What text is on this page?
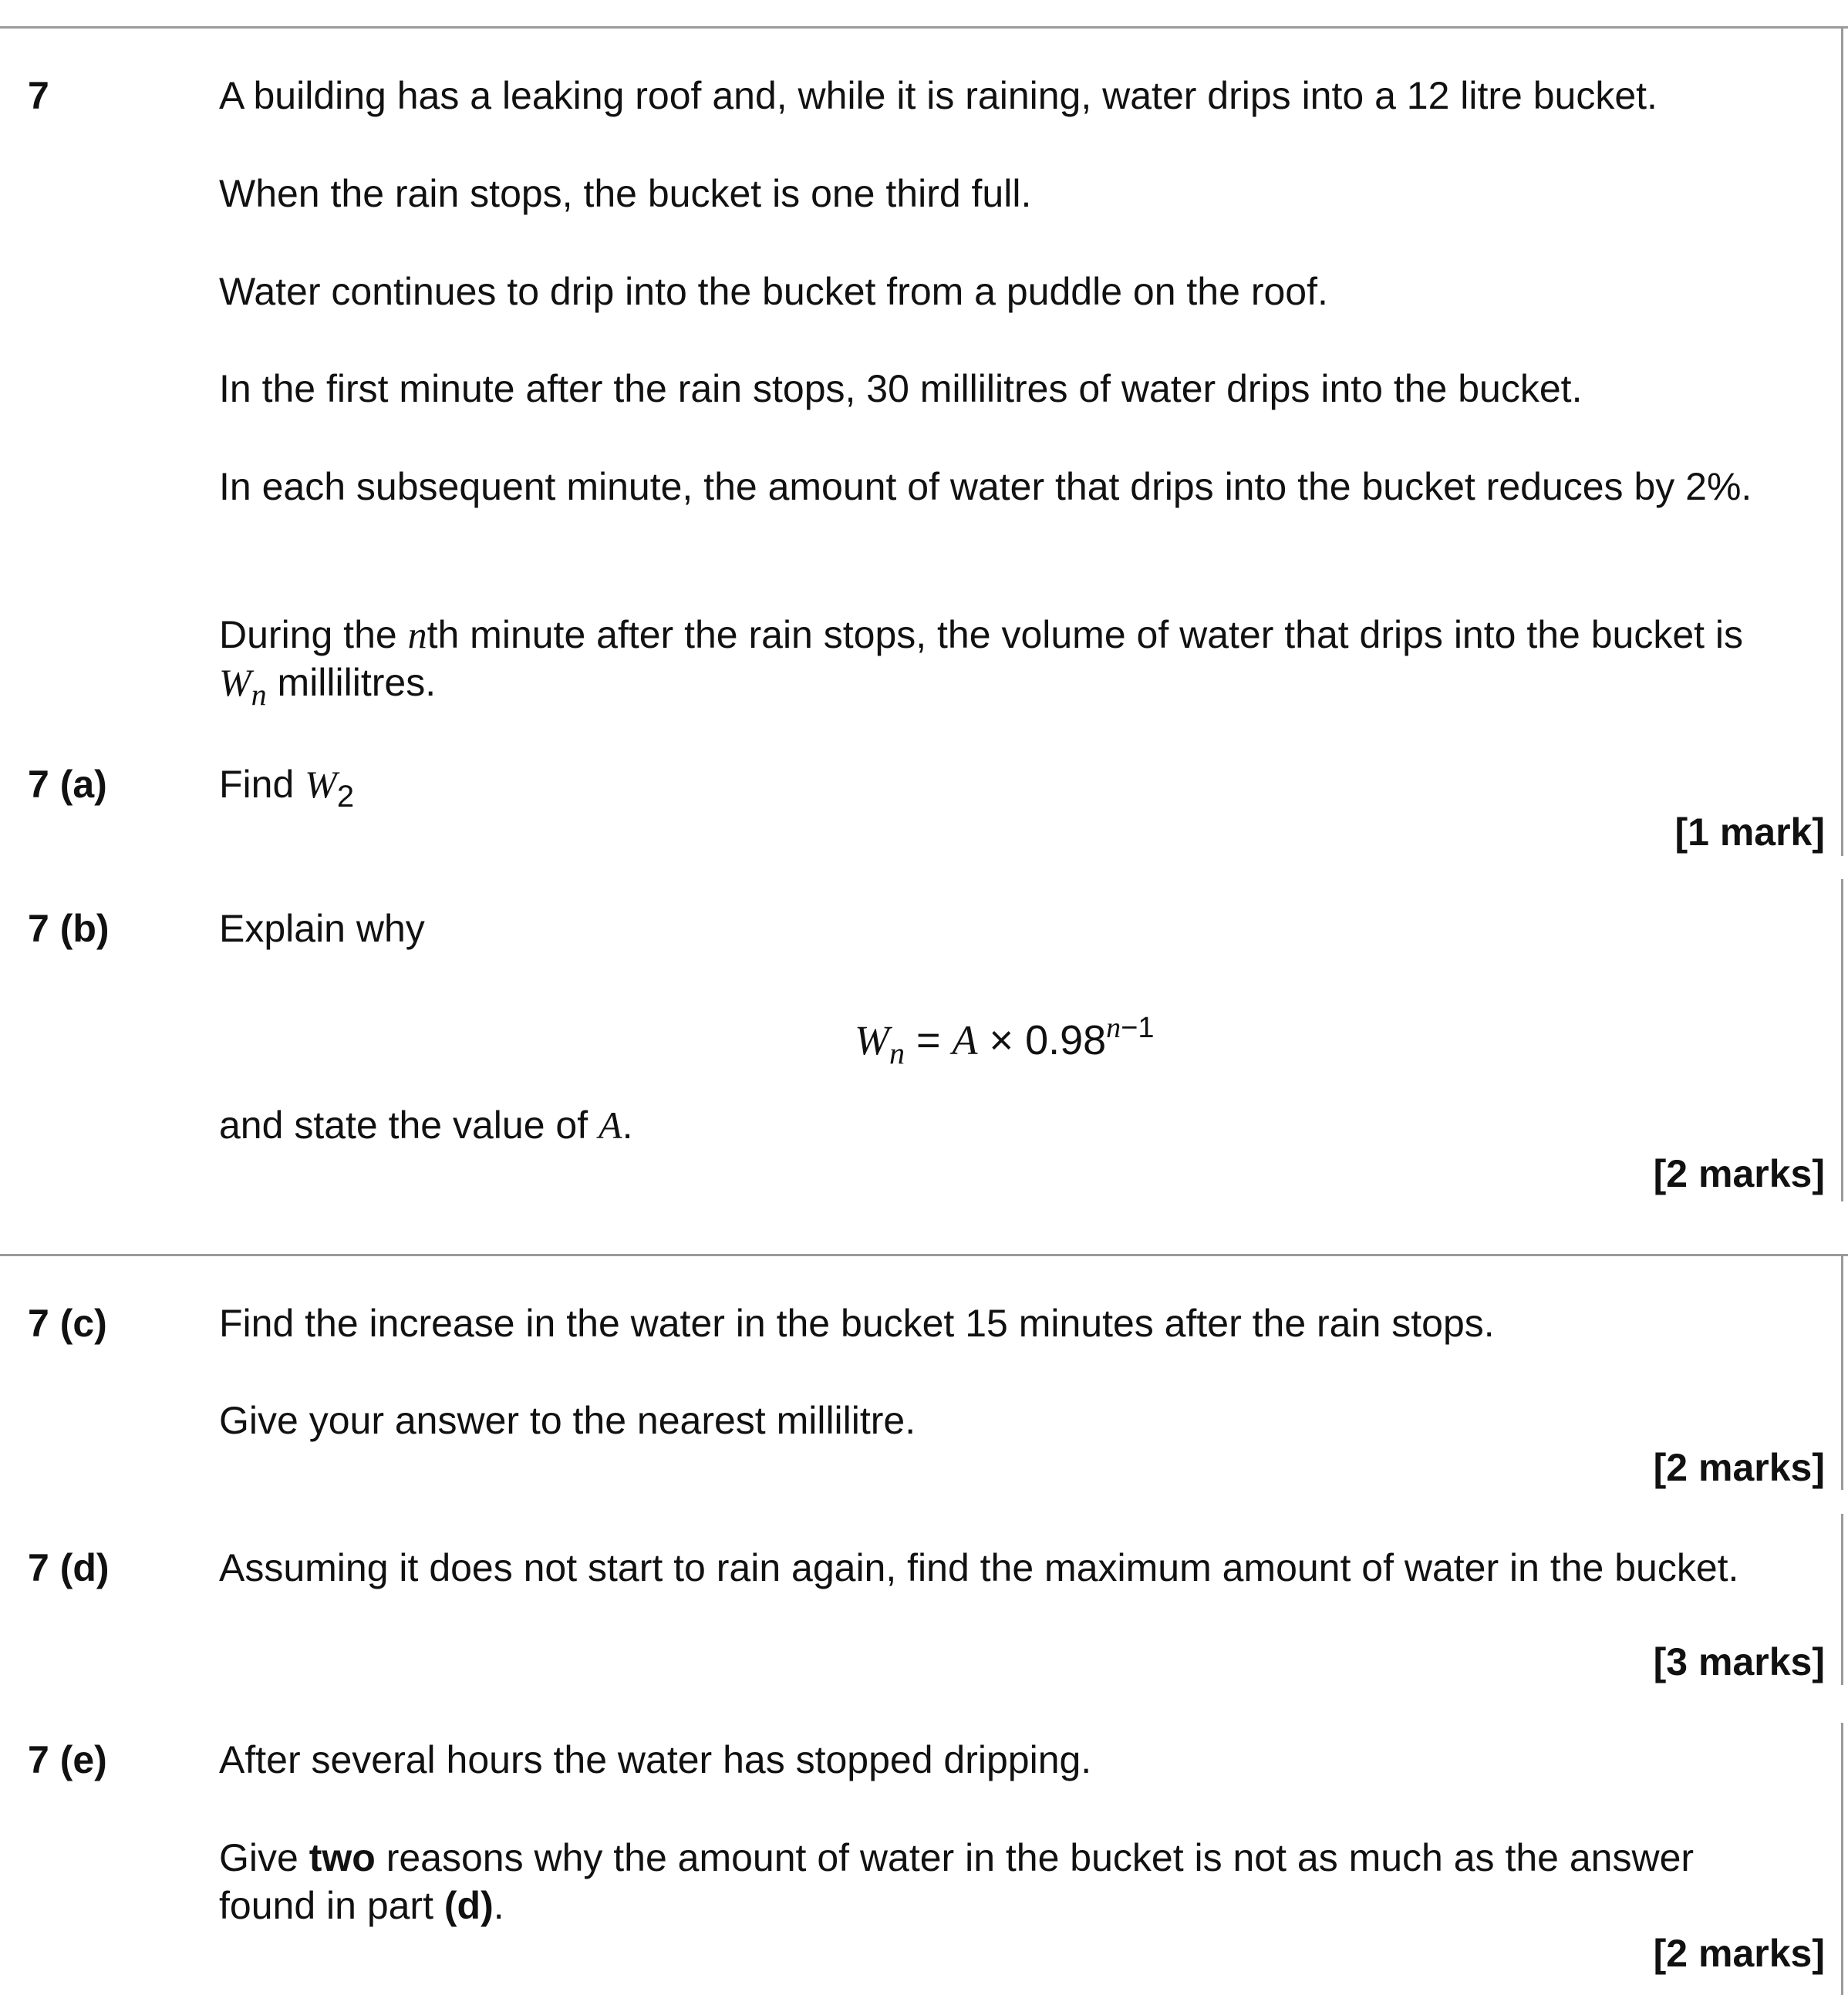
7	A building has a leaking roof and, while it is raining, water drips into a 12 litre bucket.
When the rain stops, the bucket is one third full.
Water continues to drip into the bucket from a puddle on the roof.
In the first minute after the rain stops, 30 millilitres of water drips into the bucket.
In each subsequent minute, the amount of water that drips into the bucket reduces by 2%.
During the nth minute after the rain stops, the volume of water that drips into the bucket is $W_n$ millilitres.
7 (a)	Find $W_2$
[1 mark]
7 (b)	Explain why
$W_n = A \times 0.98^{n-1}$
and state the value of A.
[2 marks]
7 (c)	Find the increase in the water in the bucket 15 minutes after the rain stops.
Give your answer to the nearest millilitre.
[2 marks]
7 (d)	Assuming it does not start to rain again, find the maximum amount of water in the bucket.
[3 marks]
7 (e)	After several hours the water has stopped dripping.
Give two reasons why the amount of water in the bucket is not as much as the answer found in part (d).
[2 marks]
